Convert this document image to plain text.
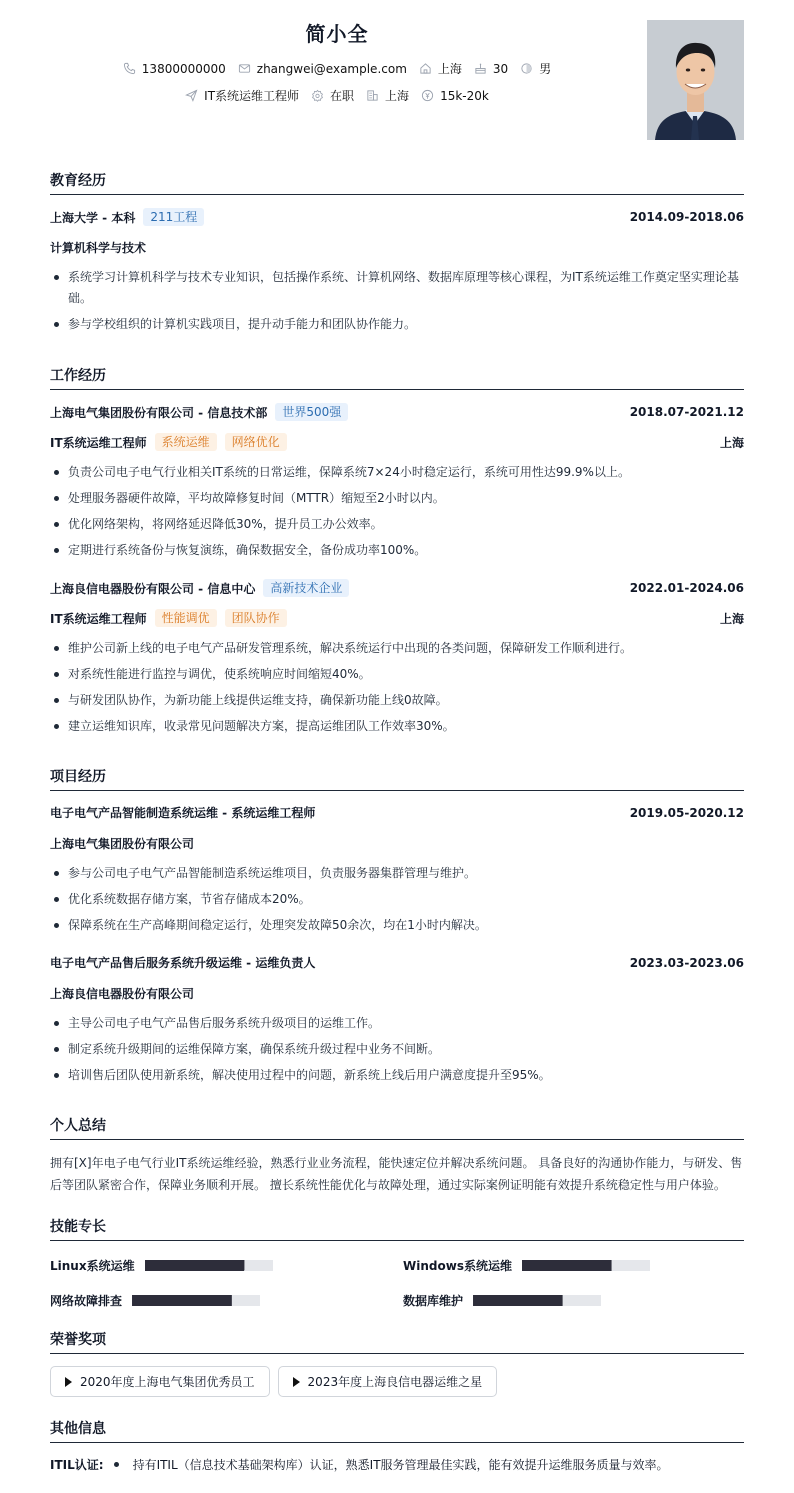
简小全
13800000000	zhangwei@example.com	上海	30	男
IT系统运维工程师	在职	上海	15k-20k
教育经历
上海大学 - 本科	211工程	2014.09-2018.06
计算机科学与技术
系统学习计算机科学与技术专业知识，包括操作系统、计算机网络、数据库原理等核心课程，为IT系统运维工作奠定坚实理论基础。
参与学校组织的计算机实践项目，提升动手能力和团队协作能力。
工作经历
上海电气集团股份有限公司 - 信息技术部	世界500强	2018.07-2021.12
IT系统运维工程师	系统运维	网络优化	上海
负责公司电子电气行业相关IT系统的日常运维，保障系统7×24小时稳定运行，系统可用性达99.9%以上。
处理服务器硬件故障，平均故障修复时间（MTTR）缩短至2小时以内。
优化网络架构，将网络延迟降低30%，提升员工办公效率。
定期进行系统备份与恢复演练，确保数据安全，备份成功率100%。
上海良信电器股份有限公司 - 信息中心	高新技术企业	2022.01-2024.06
IT系统运维工程师	性能调优	团队协作	上海
维护公司新上线的电子电气产品研发管理系统，解决系统运行中出现的各类问题，保障研发工作顺利进行。
对系统性能进行监控与调优，使系统响应时间缩短40%。
与研发团队协作，为新功能上线提供运维支持，确保新功能上线0故障。
建立运维知识库，收录常见问题解决方案，提高运维团队工作效率30%。
项目经历
电子电气产品智能制造系统运维 - 系统运维工程师	2019.05-2020.12
上海电气集团股份有限公司
参与公司电子电气产品智能制造系统运维项目，负责服务器集群管理与维护。
优化系统数据存储方案，节省存储成本20%。
保障系统在生产高峰期间稳定运行，处理突发故障50余次，均在1小时内解决。
电子电气产品售后服务系统升级运维 - 运维负责人	2023.03-2023.06
上海良信电器股份有限公司
主导公司电子电气产品售后服务系统升级项目的运维工作。
制定系统升级期间的运维保障方案，确保系统升级过程中业务不间断。
培训售后团队使用新系统，解决使用过程中的问题，新系统上线后用户满意度提升至95%。
个人总结
拥有[X]年电子电气行业IT系统运维经验，熟悉行业业务流程，能快速定位并解决系统问题。 具备良好的沟通协作能力，与研发、售后等团队紧密合作，保障业务顺利开展。 擅长系统性能优化与故障处理，通过实际案例证明能有效提升系统稳定性与用户体验。
技能专长
Linux系统运维	Windows系统运维
网络故障排查	数据库维护
荣誉奖项
2020年度上海电气集团优秀员工	2023年度上海良信电器运维之星
其他信息
ITIL认证: 持有ITIL（信息技术基础架构库）认证，熟悉IT服务管理最佳实践，能有效提升运维服务质量与效率。
